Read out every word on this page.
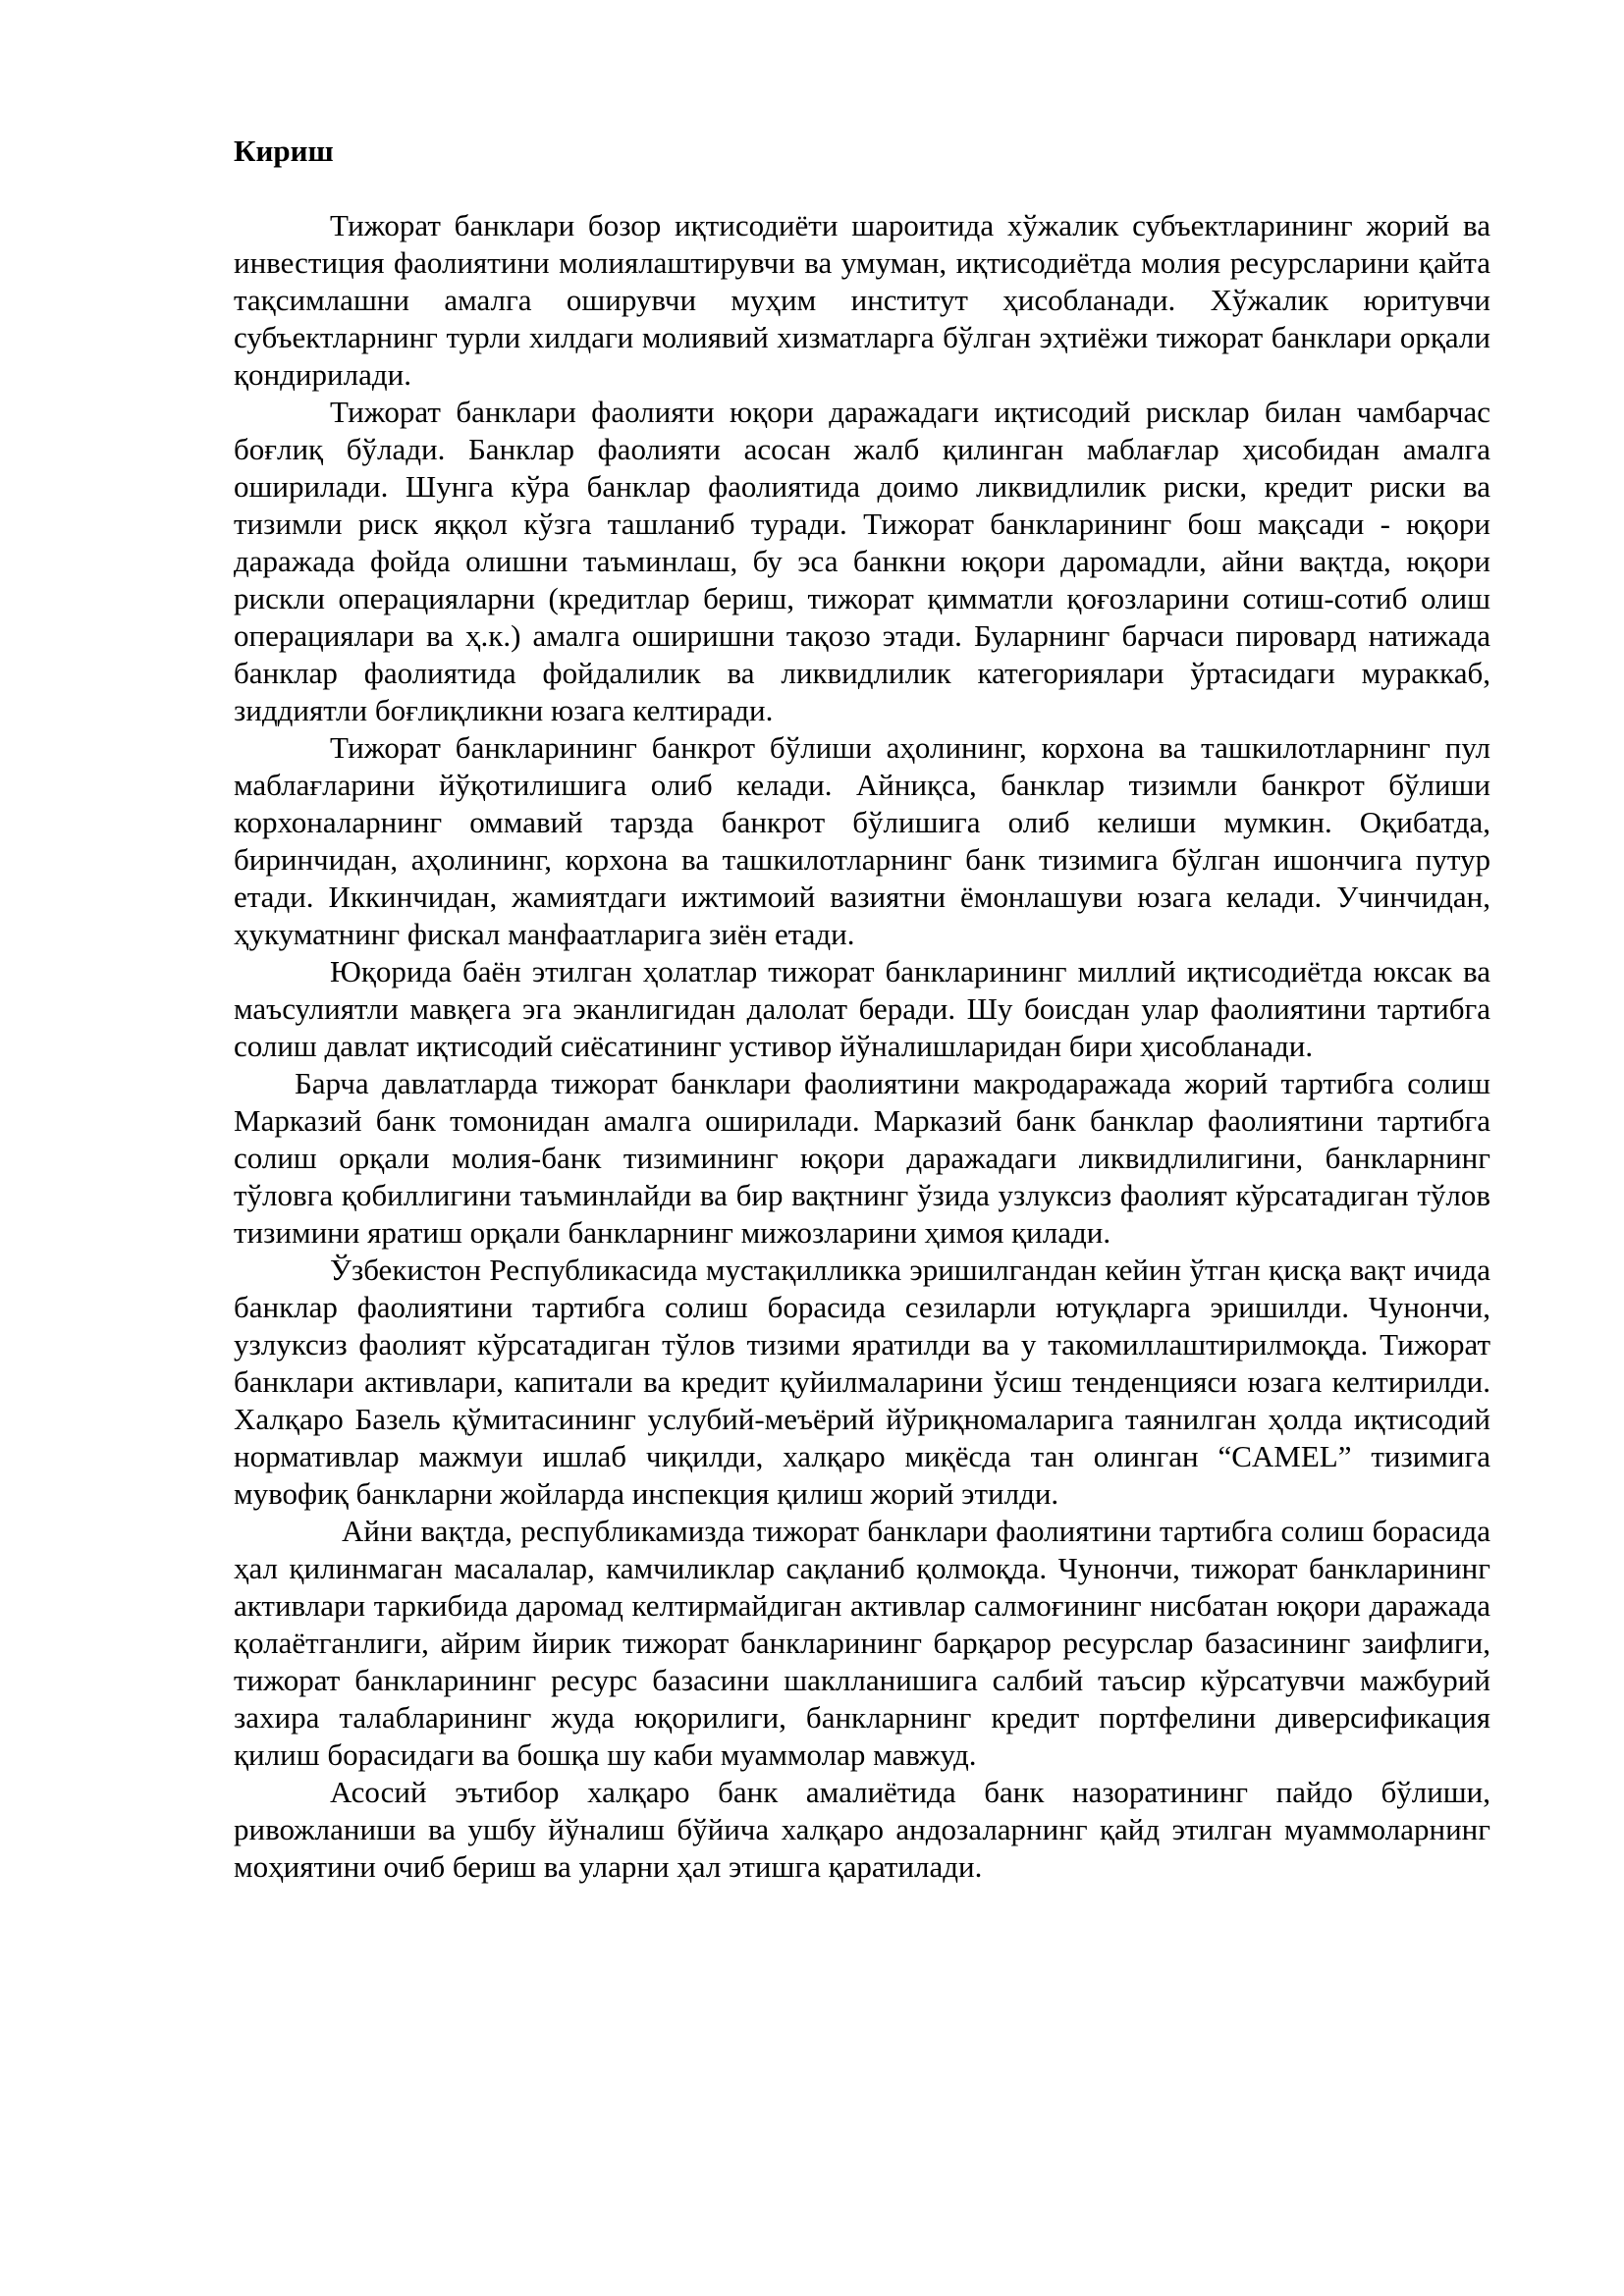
Кириш

Тижорат банклари бозор иқтисодиёти шароитида хўжалик субъектларининг жорий ва инвестиция фаолиятини молиялаштирувчи ва умуман, иқтисодиётда молия ресурсларини қайта тақсимлашни амалга оширувчи муҳим институт ҳисобланади. Хўжалик юритувчи субъектларнинг турли хилдаги молиявий хизматларга бўлган эҳтиёжи тижорат банклари орқали қондирилади.

Тижорат банклари фаолияти юқори даражадаги иқтисодий рисклар билан чамбарчас боғлиқ бўлади. Банклар фаолияти асосан жалб қилинган маблағлар ҳисобидан амалга оширилади. Шунга кўра банклар фаолиятида доимо ликвидлилик риски, кредит риски ва тизимли риск яққол кўзга ташланиб туради. Тижорат банкларининг бош мақсади - юқори даражада фойда олишни таъминлаш, бу эса банкни юқори даромадли, айни вақтда, юқори рискли операцияларни (кредитлар бериш, тижорат қимматли қоғозларини сотиш-сотиб олиш операциялари ва ҳ.к.) амалга оширишни тақозо этади. Буларнинг барчаси пировард натижада банклар фаолиятида фойдалилик ва ликвидлилик категориялари ўртасидаги мураккаб, зиддиятли боғлиқликни юзага келтиради.

Тижорат банкларининг банкрот бўлиши аҳолининг, корхона ва ташкилотларнинг пул маблағларини йўқотилишига олиб келади. Айниқса, банклар тизимли банкрот бўлиши корхоналарнинг оммавий тарзда банкрот бўлишига олиб келиши мумкин. Оқибатда, биринчидан, аҳолининг, корхона ва ташкилотларнинг банк тизимига бўлган ишончига путур етади. Иккинчидан, жамиятдаги ижтимоий вазиятни ёмонлашуви юзага келади. Учинчидан, ҳукуматнинг фискал манфаатларига зиён етади.

Юқорида баён этилган ҳолатлар тижорат банкларининг миллий иқтисодиётда юксак ва маъсулиятли мавқега эга эканлигидан далолат беради. Шу боисдан улар фаолиятини тартибга солиш давлат иқтисодий сиёсатининг устивор йўналишларидан бири ҳисобланади.

Барча давлатларда тижорат банклари фаолиятини макродаражада жорий тартибга солиш Марказий банк томонидан амалга оширилади. Марказий банк банклар фаолиятини тартибга солиш орқали молия-банк тизимининг юқори даражадаги ликвидлилигини, банкларнинг тўловга қобиллигини таъминлайди ва бир вақтнинг ўзида узлуксиз фаолият кўрсатадиган тўлов тизимини яратиш орқали банкларнинг мижозларини ҳимоя қилади.

Ўзбекистон Республикасида мустақилликка эришилгандан кейин ўтган қисқа вақт ичида банклар фаолиятини тартибга солиш борасида сезиларли ютуқларга эришилди. Чунончи, узлуксиз фаолият кўрсатадиган тўлов тизими яратилди ва у такомиллаштирилмоқда. Тижорат банклари активлари, капитали ва кредит қуйилмаларини ўсиш тенденцияси юзага келтирилди. Халқаро Базель қўмитасининг услубий-меъёрий йўриқномаларига таянилган ҳолда иқтисодий нормативлар мажмуи ишлаб чиқилди, халқаро миқёсда тан олинган “CAMEL” тизимига мувофиқ банкларни жойларда инспекция қилиш жорий этилди.

Айни вақтда, республикамизда тижорат банклари фаолиятини тартибга солиш борасида ҳал қилинмаган масалалар, камчиликлар сақланиб қолмоқда. Чунончи, тижорат банкларининг активлари таркибида даромад келтирмайдиган активлар салмоғининг нисбатан юқори даражада қолаётганлиги, айрим йирик тижорат банкларининг барқарор ресурслар базасининг заифлиги, тижорат банкларининг ресурс базасини шаклланишига салбий таъсир кўрсатувчи мажбурий захира талабларининг жуда юқорилиги, банкларнинг кредит портфелини диверсификация қилиш борасидаги ва бошқа шу каби муаммолар мавжуд.

Асосий эътибор халқаро банк амалиётида банк назоратининг пайдо бўлиши, ривожланиши ва ушбу йўналиш бўйича халқаро андозаларнинг қайд этилган муаммоларнинг моҳиятини очиб бериш ва уларни ҳал этишга қаратилади.
